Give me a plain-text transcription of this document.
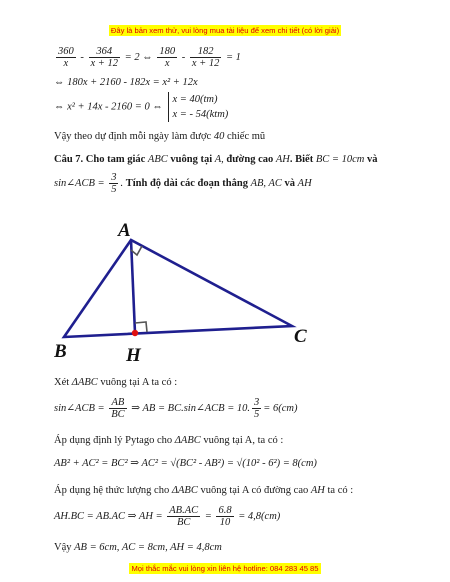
Đây là bản xem thử, vui lòng mua tài liệu để xem chi tiết (có lời giải)
$\frac{360}{x} - \frac{364}{x + 12} = 2$ ⇔ $\frac{180}{x} - \frac{182}{x + 12} = 1$
⇔ 180x + 2160 - 182x = x² + 12x
⇔ x² + 14x - 2160 = 0 ⇔
x = 40(tm)
x = - 54(ktm)
Vậy theo dự định mỗi ngày làm được 40 chiếc mũ
Câu 7. Cho tam giác ABC vuông tại A, đường cao AH. Biết BC = 10cm và
sin∠ACB = $\frac{3}{5}$ . Tính độ dài các đoạn thẳng AB, AC và AH
A
B
C
H
Xét ΔABC vuông tại A ta có :
sin∠ACB = $\frac{AB}{BC}$ ⇒ AB = BC.sin∠ACB = 10. $\frac{3}{5} = 6(cm)$
Áp dụng định lý Pytago cho ΔABC vuông tại A, ta có :
AB² + AC² = BC² ⇒ AC² = √(BC² - AB²) = √(10² - 6²) = 8(cm)
Áp dụng hệ thức lượng cho ΔABC vuông tại A có đường cao AH ta có :
AH.BC = AB.AC ⇒ AH = $\frac{AB.AC}{BC} = \frac{6.8}{10} = 4,8(cm)$
Vậy AB = 6cm, AC = 8cm, AH = 4,8cm
Mọi thắc mắc vui lòng xin liên hệ hotline: 084 283 45 85
